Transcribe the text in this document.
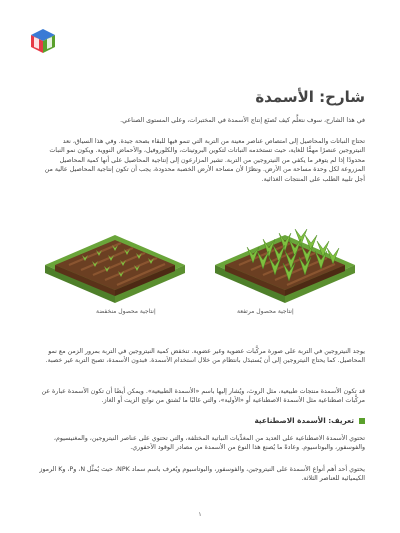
شارح: الأسمدة
في هذا الشارح، سوف نتعلَّم كيف تُصنَع إنتاج الأسمدة في المختبرات، وعلى المستوى الصناعي.
تحتاج النباتات والمحاصيل إلى امتصاص عناصر معينة من التربة التي تنمو فيها للبقاء بصحة جيدة. وفي هذا السياق، نعد النيتروجين عنصرًا مهمًّا للغاية، حيث تستخدمه النباتات لتكوين البروتينات، والكلوروفيل، والأحماض النووية. ويكون نمو النبات محدودًا إذا لم يتوفر ما يكفي من النيتروجين من التربة. تشير المزارعون إلى إنتاجية المحاصيل على أنها كمية المحاصيل المزروعة لكل وحدة مساحة من الأرض. ونظرًا لأن مساحة الأرض الخصبة محدودة، يجب أن تكون إنتاجية المحاصيل عالية من أجل تلبية الطلب على المنتجات الغذائية.
إنتاجية محصول منخفضة	إنتاجية محصول مرتفعة
يوجد النيتروجين في التربة على صورة مركَّبات عضوية وغير عضوية. تنخفض كمية النيتروجين في التربة بمرور الزمن مع نمو المحاصيل. كما يحتاج النيتروجين إلى أن يُستبدَل بانتظام من خلال استخدام الأسمدة. فبدون الأسمدة، تصبح التربة غير خصبة.
قد تكون الأسمدة منتجات طبيعية، مثل الروث، ويُشار إليها باسم «الأسمدة الطبيعية». ويمكن أيضًا أن تكون الأسمدة عبارة عن مركَّبات اصطناعية مثل الأسمدة الاصطناعية أو «الأولية»، والتي غالبًا ما تُشتق من نواتج الزيت أو الغاز.
تعريف: الأسمدة الاصطناعية
تحتوي الأسمدة الاصطناعية على العديد من المغذِّيات النباتية المختلفة، والتي تحتوي على عناصر النيتروجين، والمغنيسيوم، والفوسفور، والبوتاسيوم. وعادةً ما يُصنع هذا النوع من الأسمدة من مصادر الوقود الأحفوري.
يحتوي أحد أهم أنواع الأسمدة على النيتروجين، والفوسفور، والبوتاسيوم ويُعرف باسم سماد NPK، حيث يُمثِّل N، وP، وK الرموز الكيميائية للعناصر الثلاثة.
١
